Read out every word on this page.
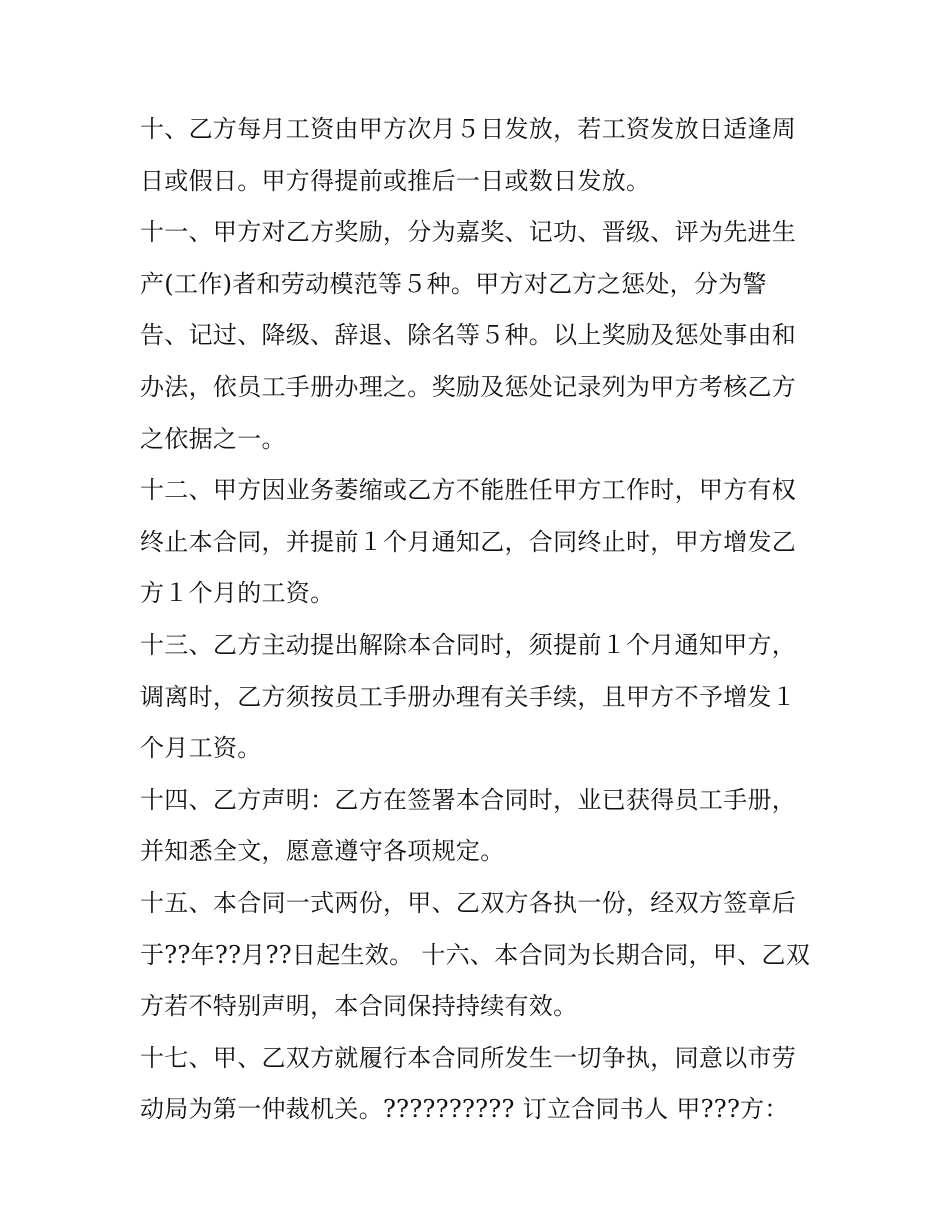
十、乙方每月工资由甲方次月５日发放，若工资发放日适逢周
日或假日。甲方得提前或推后一日或数日发放。
十一、甲方对乙方奖励，分为嘉奖、记功、晋级、评为先进生
产(工作)者和劳动模范等５种。甲方对乙方之惩处，分为警
告、记过、降级、辞退、除名等５种。以上奖励及惩处事由和
办法，依员工手册办理之。奖励及惩处记录列为甲方考核乙方
之依据之一。
十二、甲方因业务萎缩或乙方不能胜任甲方工作时，甲方有权
终止本合同，并提前１个月通知乙，合同终止时，甲方增发乙
方１个月的工资。
十三、乙方主动提出解除本合同时，须提前１个月通知甲方，
调离时，乙方须按员工手册办理有关手续，且甲方不予增发１
个月工资。
十四、乙方声明：乙方在签署本合同时，业已获得员工手册，
并知悉全文，愿意遵守各项规定。
十五、本合同一式两份，甲、乙双方各执一份，经双方签章后
于??年??月??日起生效。 十六、本合同为长期合同，甲、乙双
方若不特别声明，本合同保持持续有效。
十七、甲、乙双方就履行本合同所发生一切争执，同意以市劳
动局为第一仲裁机关。?????????? 订立合同书人 甲???方：
